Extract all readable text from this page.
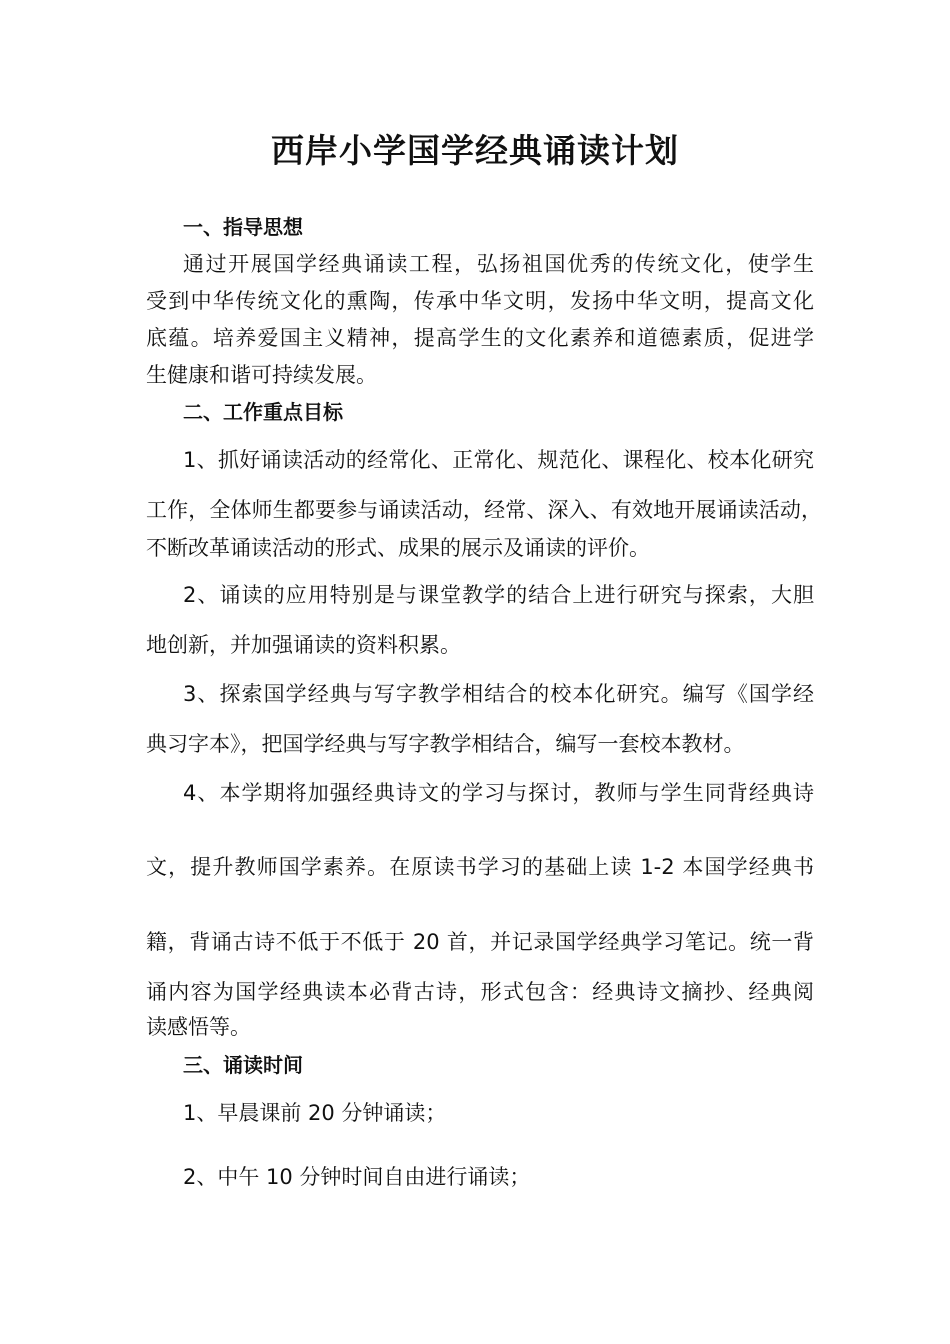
西岸小学国学经典诵读计划
一、指导思想
通过开展国学经典诵读工程，弘扬祖国优秀的传统文化，使学生
受到中华传统文化的熏陶，传承中华文明，发扬中华文明，提高文化
底蕴。培养爱国主义精神，提高学生的文化素养和道德素质，促进学
生健康和谐可持续发展。
二、工作重点目标
1、抓好诵读活动的经常化、正常化、规范化、课程化、校本化研究
工作，全体师生都要参与诵读活动，经常、深入、有效地开展诵读活动，
不断改革诵读活动的形式、成果的展示及诵读的评价。
2、诵读的应用特别是与课堂教学的结合上进行研究与探索，大胆
地创新，并加强诵读的资料积累。
3、探索国学经典与写字教学相结合的校本化研究。编写《国学经
典习字本》，把国学经典与写字教学相结合，编写一套校本教材。
4、本学期将加强经典诗文的学习与探讨，教师与学生同背经典诗
文，提升教师国学素养。在原读书学习的基础上读 1-2 本国学经典书
籍，背诵古诗不低于不低于 20 首，并记录国学经典学习笔记。统一背
诵内容为国学经典读本必背古诗，形式包含：经典诗文摘抄、经典阅
读感悟等。
三、诵读时间
1、早晨课前 20 分钟诵读；
2、中午 10 分钟时间自由进行诵读；
